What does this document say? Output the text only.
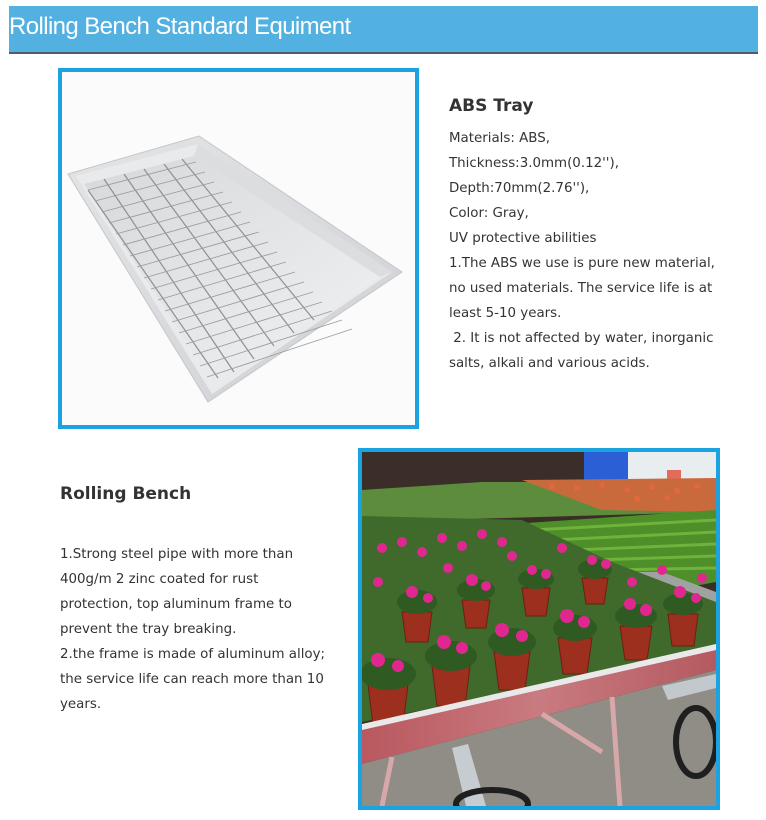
Rolling Bench Standard Equiment
ABS Tray
Materials: ABS,
Thickness:3.0mm(0.12''),
Depth:70mm(2.76''),
Color: Gray,
UV protective abilities
1.The ABS we use is pure new material,
no used materials. The service life is at
least 5-10 years.
2. It is not affected by water, inorganic
salts, alkali and various acids.
Rolling Bench
1.Strong steel pipe with more than
400g/m 2 zinc coated for rust
protection, top aluminum frame to
prevent the tray breaking.
2.the frame is made of aluminum alloy;
the service life can reach more than 10
years.
